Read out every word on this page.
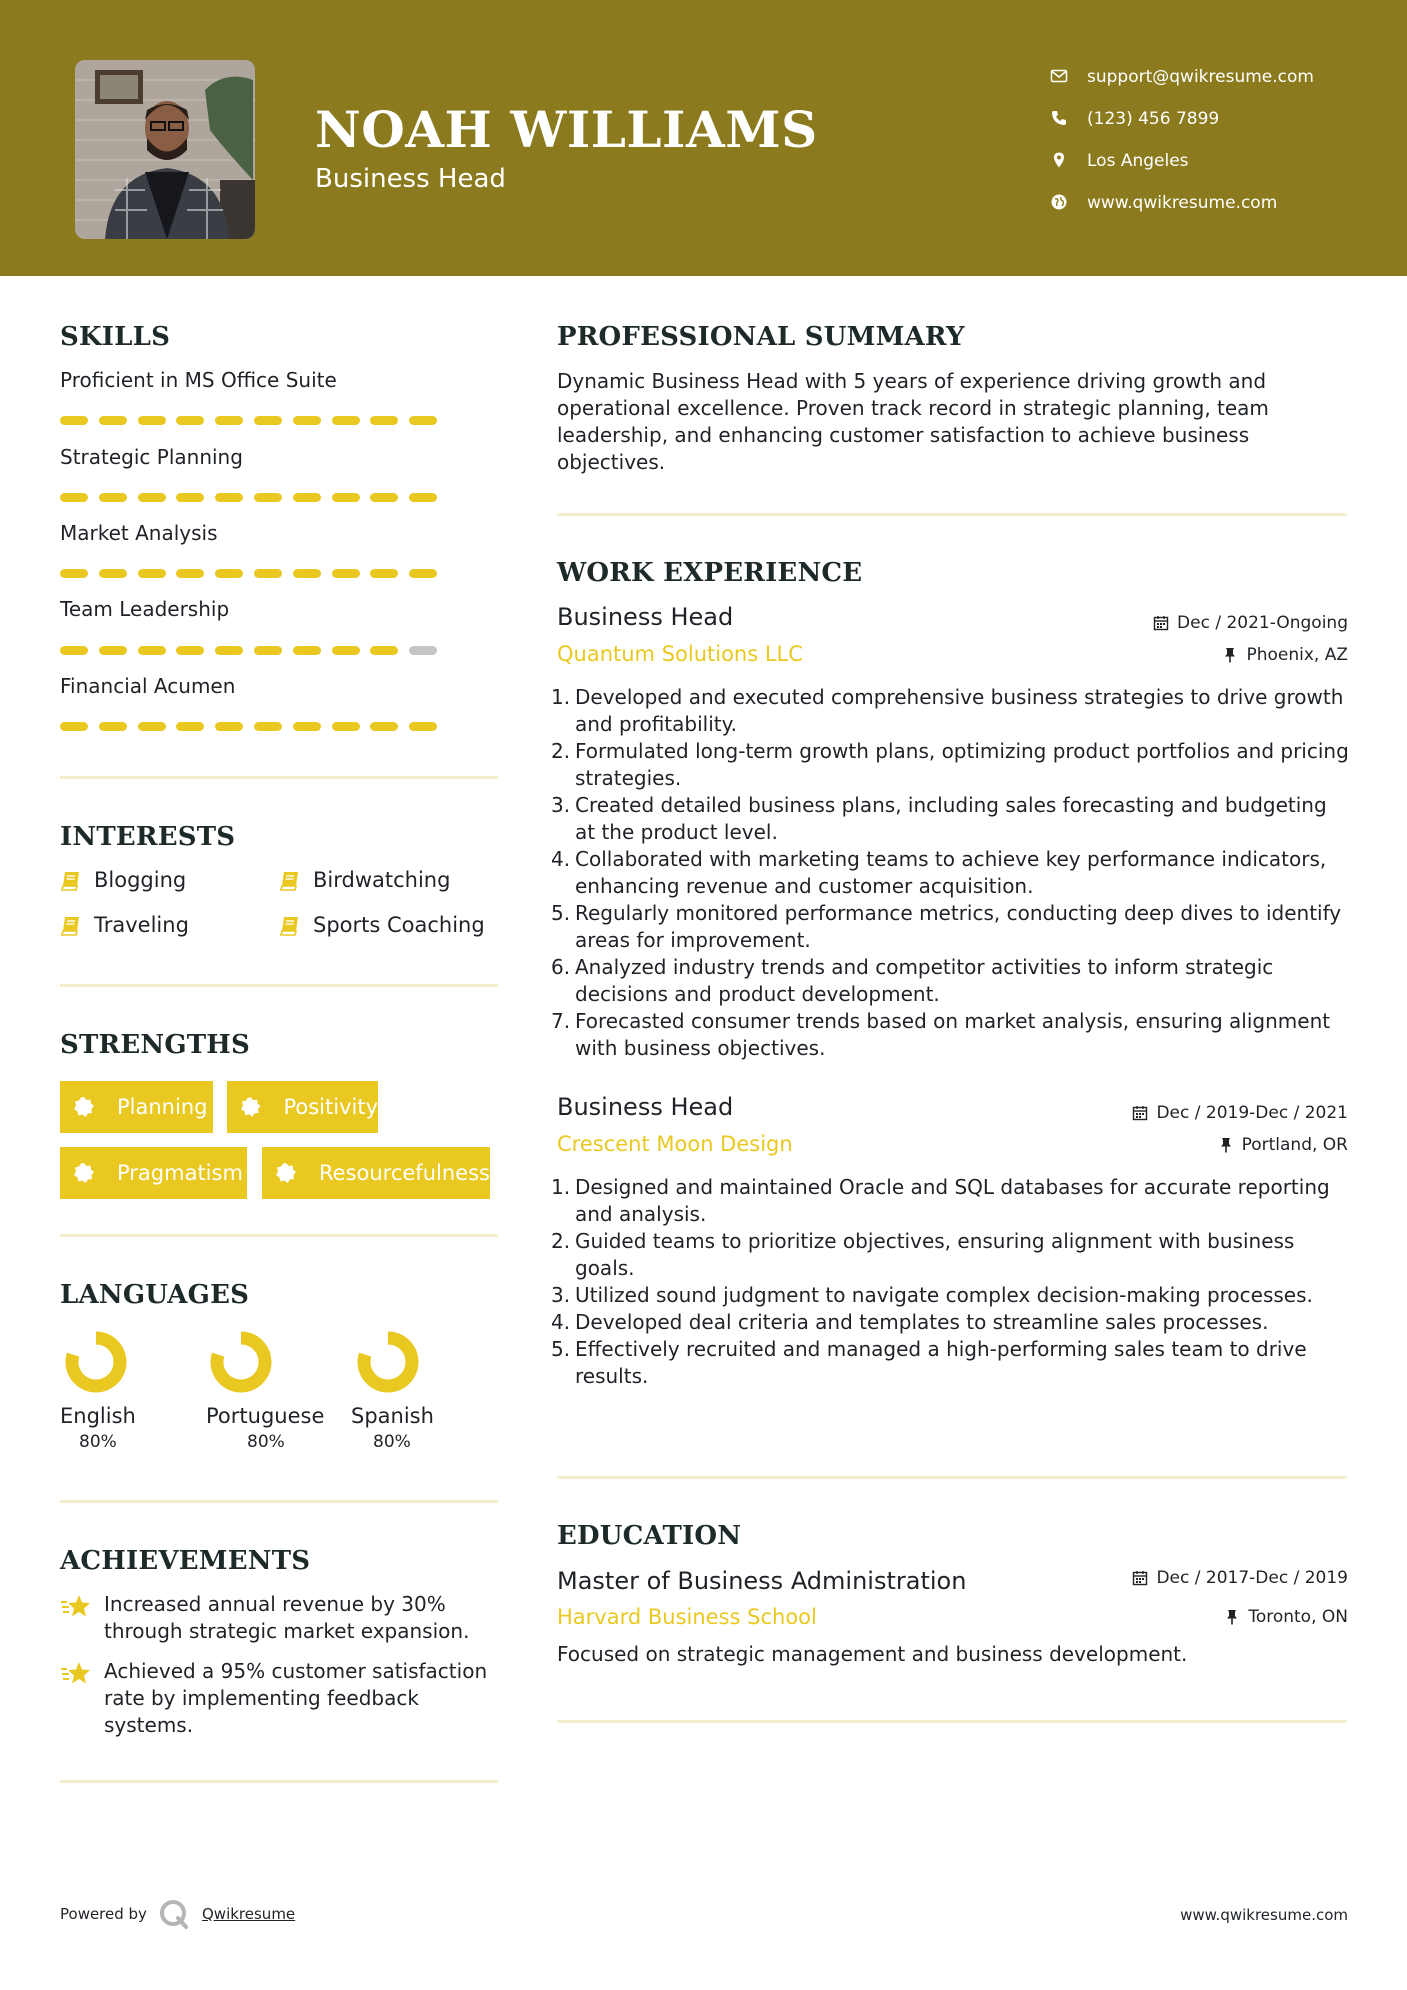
NOAH WILLIAMS
Business Head
support@qwikresume.com
(123) 456 7899
Los Angeles
www.qwikresume.com
SKILLS
Proficient in MS Office Suite
Strategic Planning
Market Analysis
Team Leadership
Financial Acumen
INTERESTS
Blogging	Birdwatching
Traveling	Sports Coaching
STRENGTHS
Planning	Positivity
Pragmatism	Resourcefulness
LANGUAGES
English
80%
Portuguese
80%
Spanish
80%
ACHIEVEMENTS
Increased annual revenue by 30% through strategic market expansion.
Achieved a 95% customer satisfaction rate by implementing feedback systems.
PROFESSIONAL SUMMARY
Dynamic Business Head with 5 years of experience driving growth and operational excellence. Proven track record in strategic planning, team leadership, and enhancing customer satisfaction to achieve business objectives.
WORK EXPERIENCE
Business Head	Dec / 2021-Ongoing
Quantum Solutions LLC	Phoenix, AZ
1. Developed and executed comprehensive business strategies to drive growth and profitability.
2. Formulated long-term growth plans, optimizing product portfolios and pricing strategies.
3. Created detailed business plans, including sales forecasting and budgeting at the product level.
4. Collaborated with marketing teams to achieve key performance indicators, enhancing revenue and customer acquisition.
5. Regularly monitored performance metrics, conducting deep dives to identify areas for improvement.
6. Analyzed industry trends and competitor activities to inform strategic decisions and product development.
7. Forecasted consumer trends based on market analysis, ensuring alignment with business objectives.
Business Head	Dec / 2019-Dec / 2021
Crescent Moon Design	Portland, OR
1. Designed and maintained Oracle and SQL databases for accurate reporting and analysis.
2. Guided teams to prioritize objectives, ensuring alignment with business goals.
3. Utilized sound judgment to navigate complex decision-making processes.
4. Developed deal criteria and templates to streamline sales processes.
5. Effectively recruited and managed a high-performing sales team to drive results.
EDUCATION
Master of Business Administration	Dec / 2017-Dec / 2019
Harvard Business School	Toronto, ON
Focused on strategic management and business development.
Powered by	Qwikresume	www.qwikresume.com
